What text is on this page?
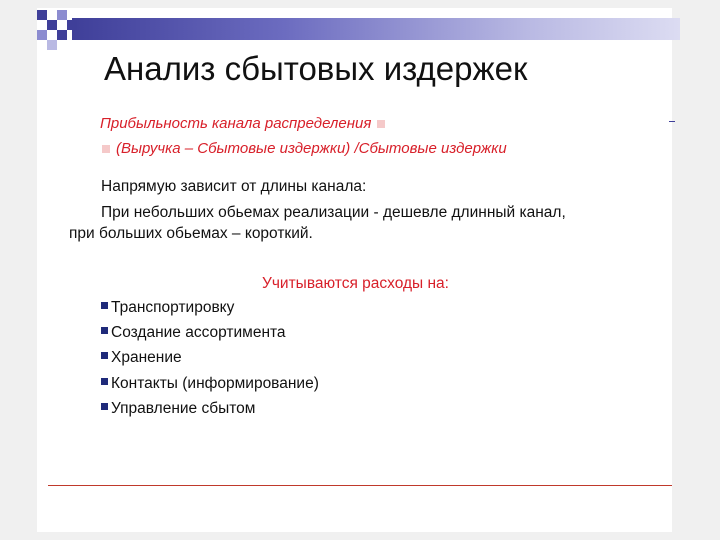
Анализ сбытовых издержек
Прибыльность канала распределения
(Выручка – Сбытовые издержки) /Сбытовые издержки
Напрямую зависит от длины канала:
При небольших обьемах реализации - дешевле длинный канал,
при больших обьемах – короткий.
Учитываются расходы на:
Транспортировку
Создание ассортимента
Хранение
Контакты (информирование)
Управление сбытом
